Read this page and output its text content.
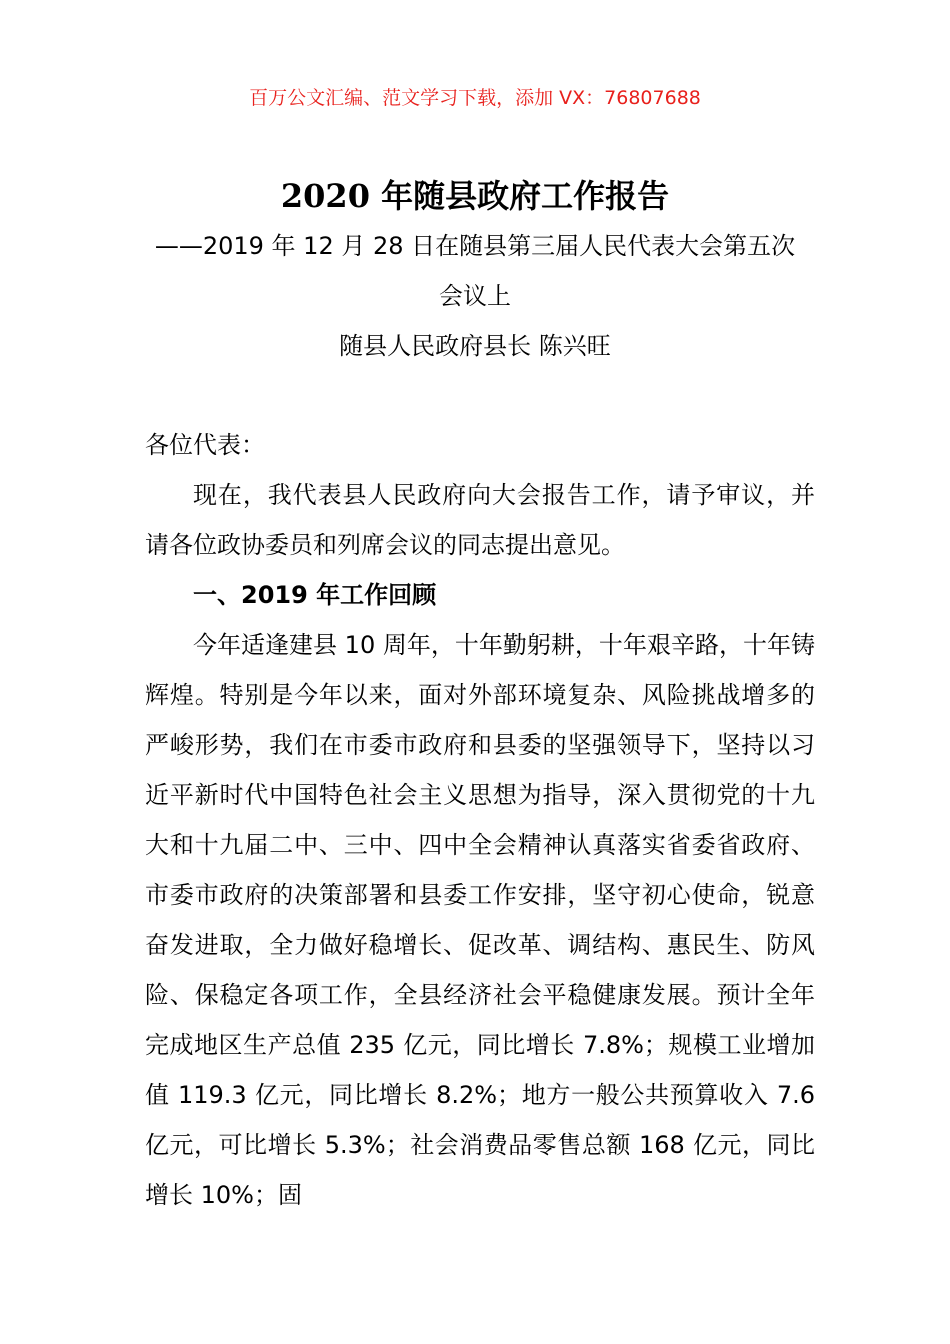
百万公文汇编、范文学习下载，添加 VX：76807688
2020 年随县政府工作报告
——2019 年 12 月 28 日在随县第三届人民代表大会第五次
会议上
随县人民政府县长 陈兴旺
各位代表：
现在，我代表县人民政府向大会报告工作，请予审议，并请各位政协委员和列席会议的同志提出意见。
一、2019 年工作回顾
今年适逢建县 10 周年，十年勤躬耕，十年艰辛路，十年铸辉煌。特别是今年以来，面对外部环境复杂、风险挑战增多的严峻形势，我们在市委市政府和县委的坚强领导下，坚持以习近平新时代中国特色社会主义思想为指导，深入贯彻党的十九大和十九届二中、三中、四中全会精神认真落实省委省政府、市委市政府的决策部署和县委工作安排，坚守初心使命，锐意奋发进取，全力做好稳增长、促改革、调结构、惠民生、防风险、保稳定各项工作，全县经济社会平稳健康发展。预计全年完成地区生产总值 235 亿元，同比增长 7.8%；规模工业增加值 119.3 亿元，同比增长 8.2%；地方一般公共预算收入 7.6 亿元，可比增长 5.3%；社会消费品零售总额 168 亿元，同比增长 10%；固
